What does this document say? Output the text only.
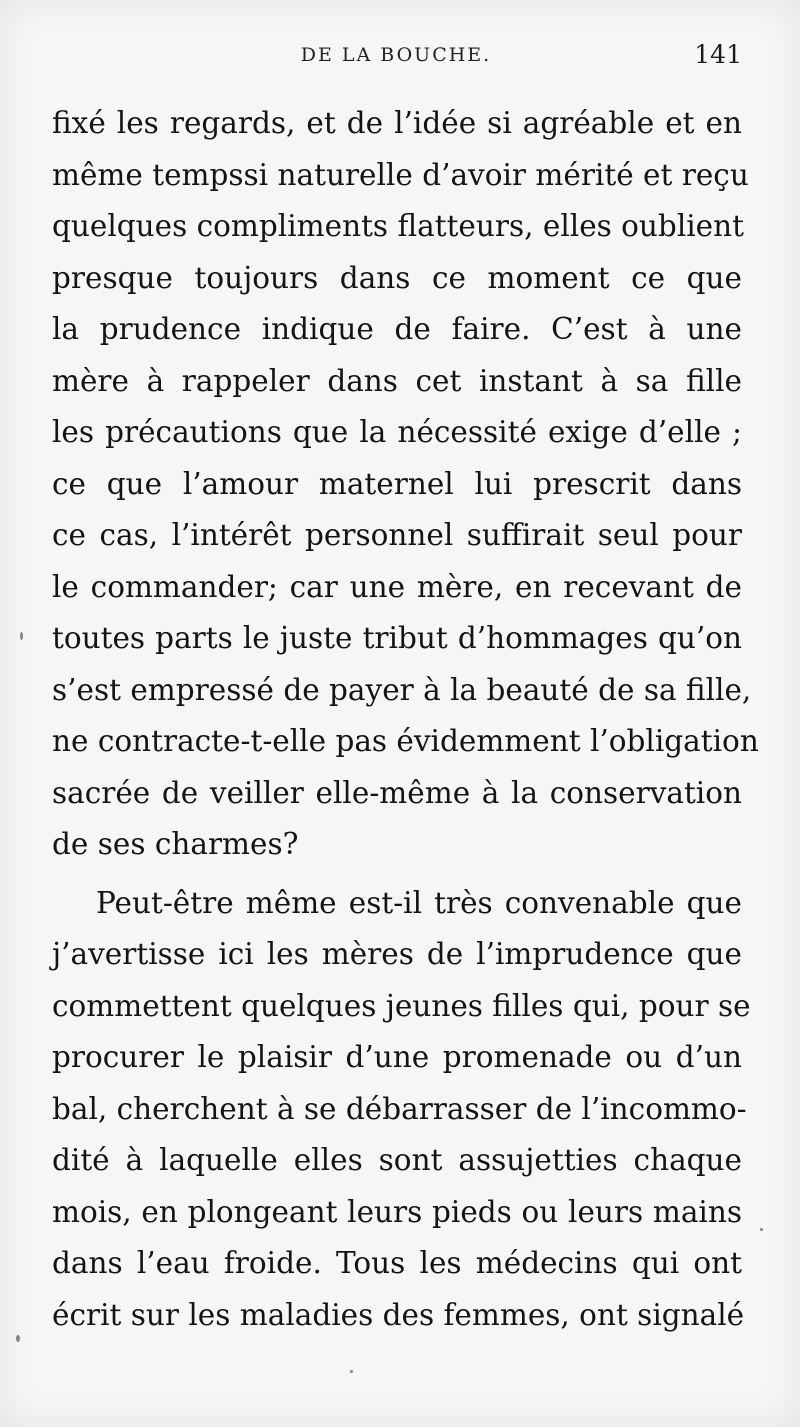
DE LA BOUCHE.	141
fixé les regards, et de l’idée si agréable et en
même tempssi naturelle d’avoir mérité et reçu
quelques compliments flatteurs, elles oublient
presque toujours dans ce moment ce que
la prudence indique de faire. C’est à une
mère à rappeler dans cet instant à sa fille
les précautions que la nécessité exige d’elle ;
ce que l’amour maternel lui prescrit dans
ce cas, l’intérêt personnel suffirait seul pour
le commander; car une mère, en recevant de
toutes parts le juste tribut d’hommages qu’on
s’est empressé de payer à la beauté de sa fille,
ne contracte-t-elle pas évidemment l’obligation
sacrée de veiller elle-même à la conservation
de ses charmes?
Peut-être même est-il très convenable que
j’avertisse ici les mères de l’imprudence que
commettent quelques jeunes filles qui, pour se
procurer le plaisir d’une promenade ou d’un
bal, cherchent à se débarrasser de l’incommo-
dité à laquelle elles sont assujetties chaque
mois, en plongeant leurs pieds ou leurs mains
dans l’eau froide. Tous les médecins qui ont
écrit sur les maladies des femmes, ont signalé
